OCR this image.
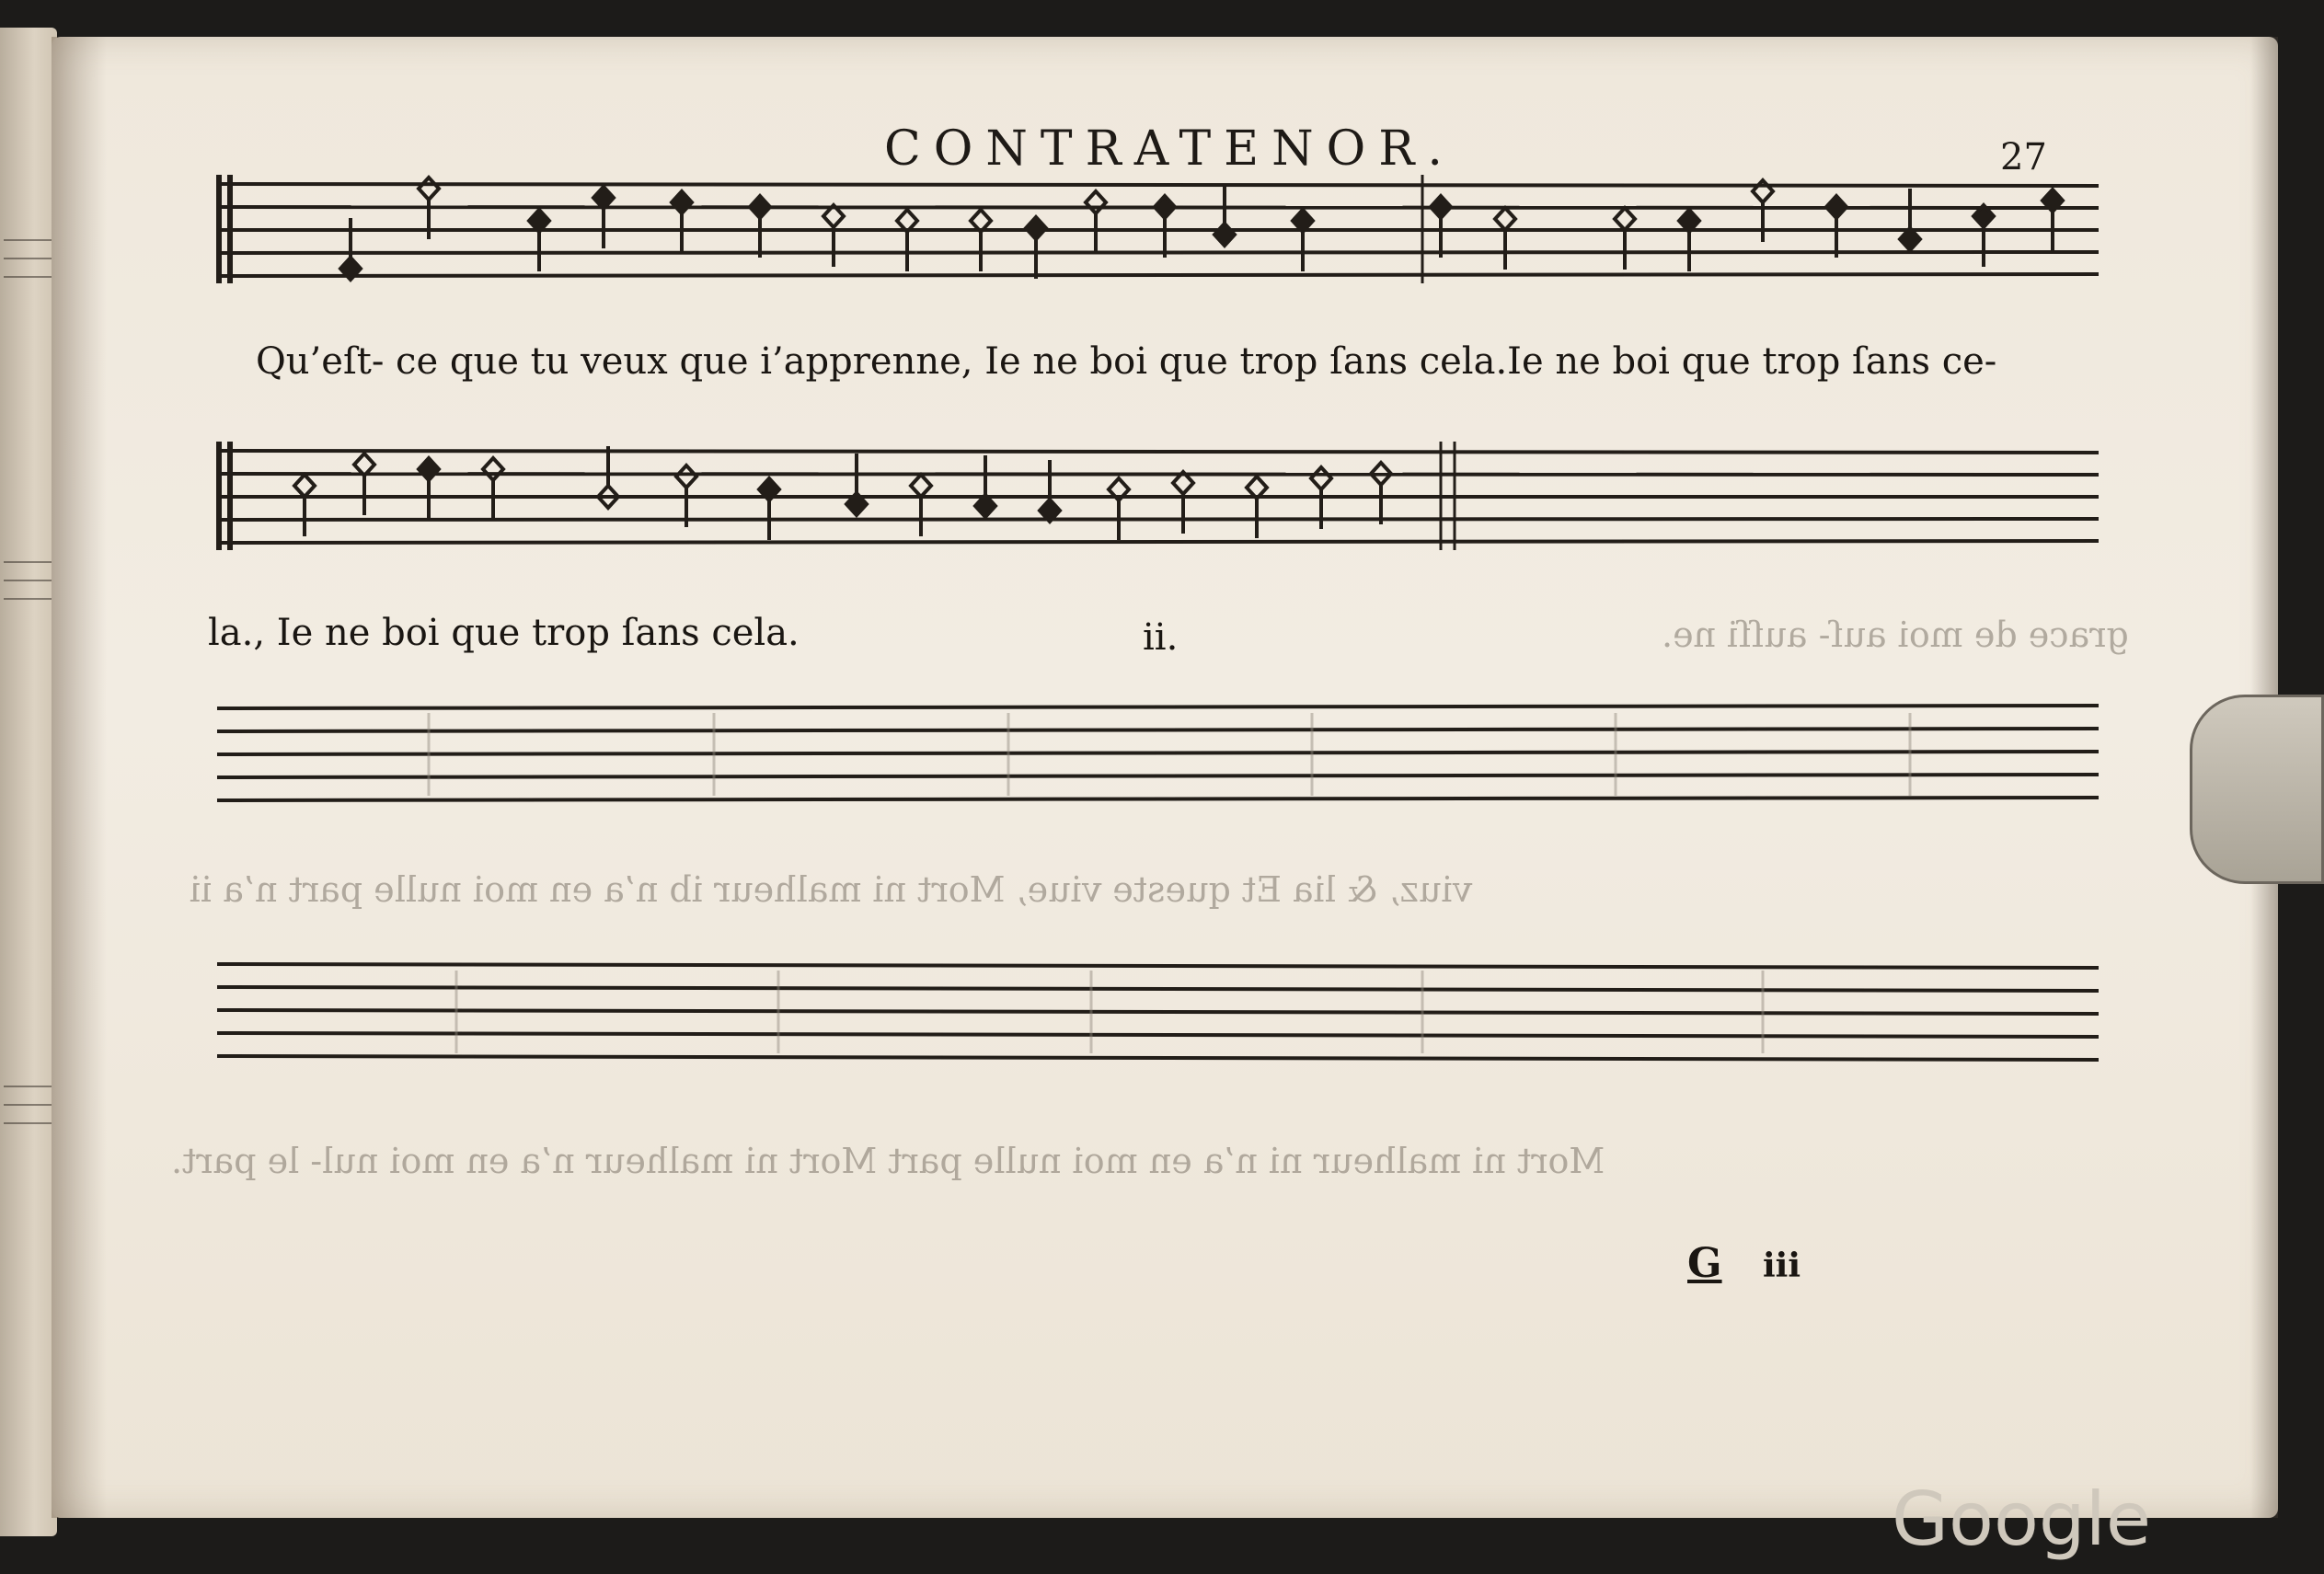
CONTRATENOR.	27
Qu’eſt- ce que tu veux que i’apprenne, Ie ne boi que trop ſans cela.Ie ne boi que trop ſans ce-
la., Ie ne boi que trop ſans cela.	ii.	grace de moi auſ- auſſi ne.
viuz, & lia Et queste viue, Mort ni malheur ib n’a en moi nulle part n’a ii
Mort ni malheur ni n’a en moi nulle part Mort ni malheur n’a en moi nul- le part.
G iii
Google
